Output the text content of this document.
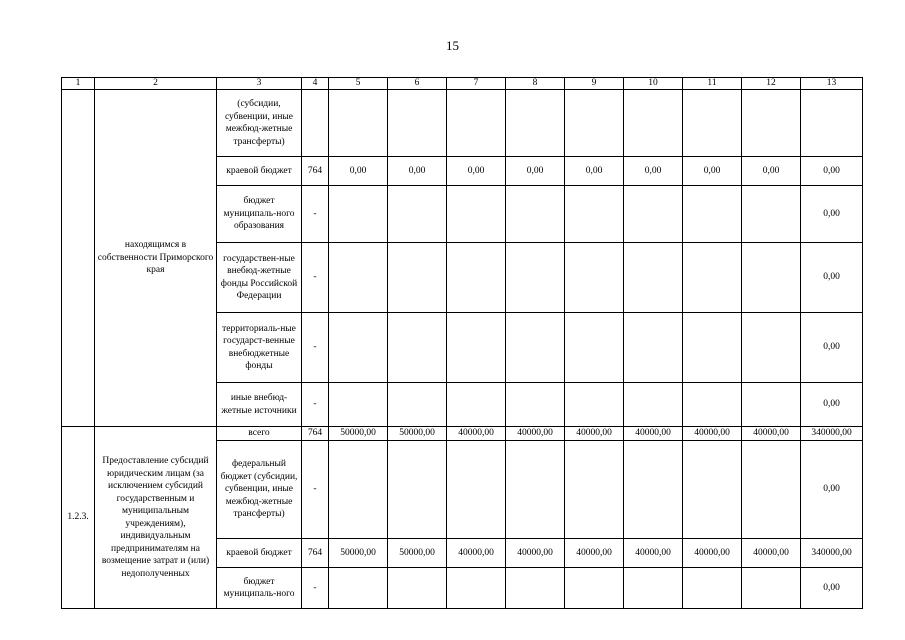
15
1	2	3	4	5	6	7	8	9	10	11	12	13
	находящимся в собственности Приморского края	(субсидии, субвенции, иные межбюд-жетные трансферты)										
		краевой бюджет	764	0,00	0,00	0,00	0,00	0,00	0,00	0,00	0,00	0,00
		бюджет муниципаль-ного образования	-									0,00
		государствен-ные внебюд-жетные фонды Российской Федерации	-									0,00
		территориаль-ные государст-венные внебюджетные фонды	-									0,00
		иные внебюд-жетные источники	-									0,00
1.2.3.	Предоставление субсидий юридическим лицам (за исключением субсидий государственным и муниципальным учреждениям), индивидуальным предпринимателям на возмещение затрат и (или) недополученных	всего	764	50000,00	50000,00	40000,00	40000,00	40000,00	40000,00	40000,00	40000,00	340000,00
		федеральный бюджет (субсидии, субвенции, иные межбюд-жетные трансферты)	-									0,00
		краевой бюджет	764	50000,00	50000,00	40000,00	40000,00	40000,00	40000,00	40000,00	40000,00	340000,00
		бюджет муниципаль-ного	-									0,00
